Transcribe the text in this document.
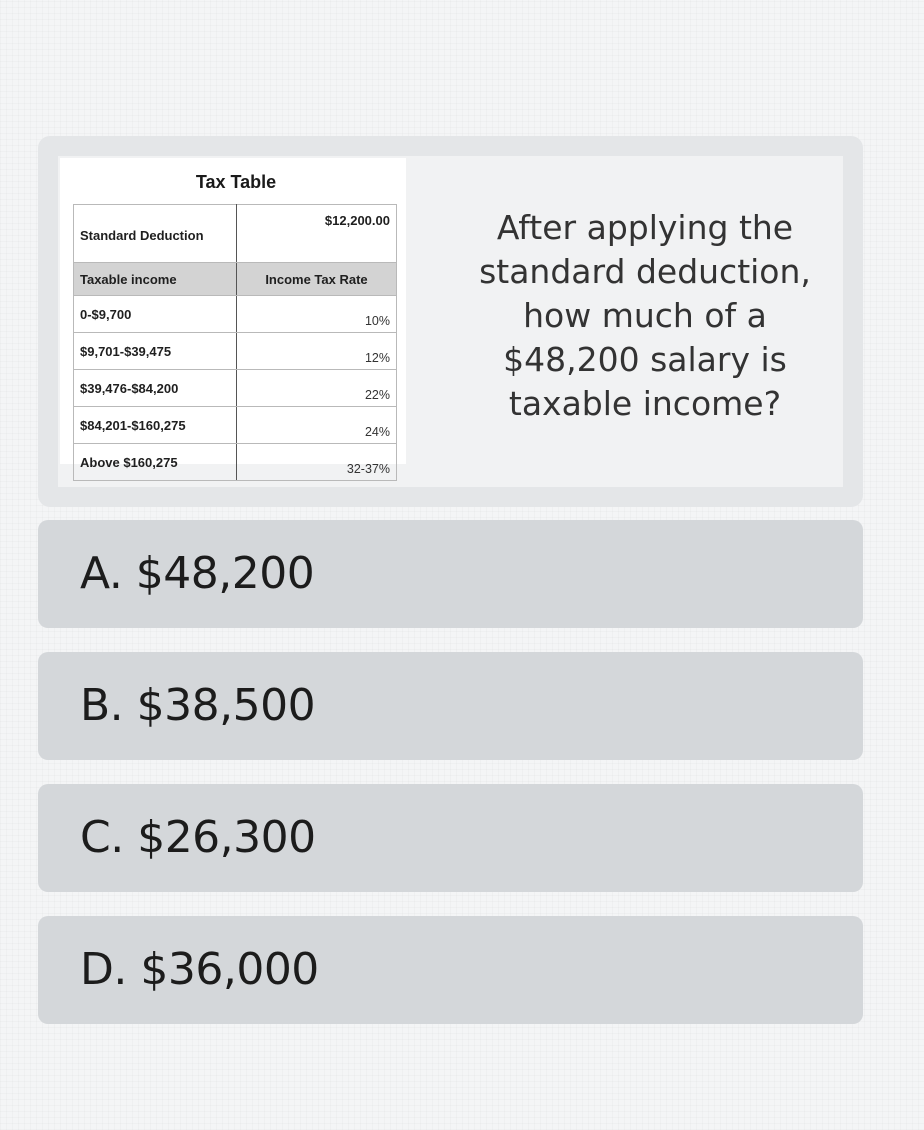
Tax Table
Standard Deduction	$12,200.00
Taxable income	Income Tax Rate
0-$9,700	10%
$9,701-$39,475	12%
$39,476-$84,200	22%
$84,201-$160,275	24%
Above $160,275	32-37%
After applying the standard deduction, how much of a $48,200 salary is taxable income?
A. $48,200
B. $38,500
C. $26,300
D. $36,000
